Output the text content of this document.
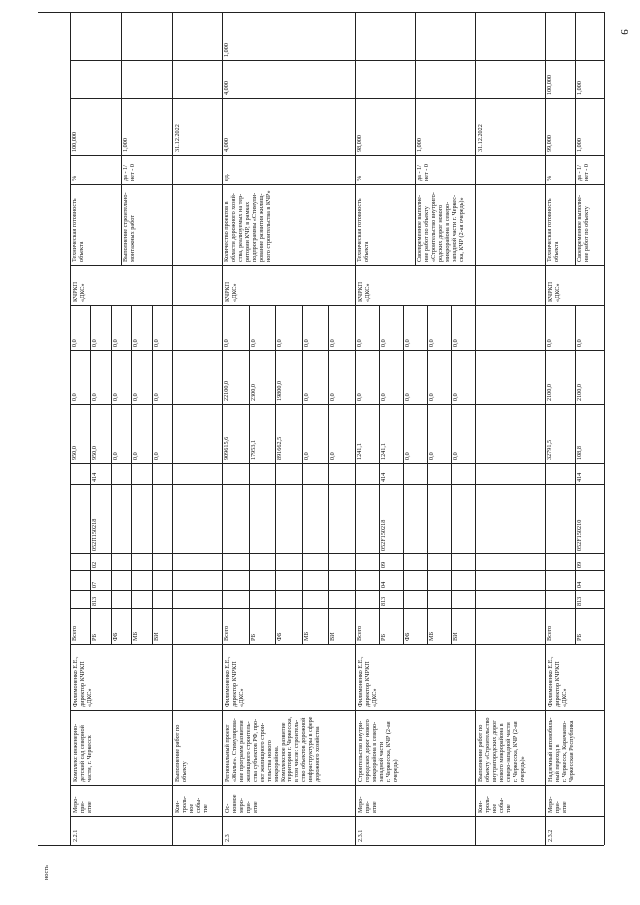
9
ность
2.2.1
Меро-
при-
ятие
Комплекс инженерно-
детский сад северной
части, г. Черкесск
Филимоненко Е.Е.,
директор КЧРКП
«ДКС»
Всего
950,0
0,0
0,0
РБ
813
07
02
052П150218
414
950,0
0,0
0,0
ФБ
0,0
0,0
0,0
МБ
0,0
0,0
0,0
ВИ
0,0
0,0
0,0
КЧРКП
«ДКС»
Техническая готовность
объекта
%
100,000
Выполнение строительно-
монтажных работ
да - 1/
нет - 0
1,000
Кон-
троль-
ное
собы-
тие
Выполнение работ по
объекту
31.12.2022
2.3
Ос-
новное
меро-
при-
ятие
Региональный проект
«Жилье». Стимулирова-
ние программ развития
жилищного строитель-
ства субъектов РФ, про-
ект жилищного строи-
тельства нового микрорайона.
Комплексное развитие
территории г. Черкесска,
в том числе: строитель-
ство объектов дорожной
инфраструктуры в сфере
дорожного хозяйства
Филимоненко Е.Е.,
директор КЧРКП
«ДКС»
Всего
909615,6
22100,0
0,0
РБ
17953,1
2300,0
0,0
ФБ
891662,5
19800,0
0,0
МБ
0,0
0,0
0,0
ВИ
0,0
0,0
0,0
КЧРКП
«ДКС»
Количество проектов в
области дорожного хозяй-
ства, реализуемых на тер-
ритории КЧР, в рамках
подпрограммы «Стимули-
рование развития жилищ-
ного строительства в КЧР»
ед.
4,000
4,000
1,000
2.3.1
Меро-
при-
ятие
Строительство внутри-
городских дорог нового
микрорайона в северо-
западной части
г. Черкесска, КЧР (2-ая
очередь)
Филимоненко Е.Е.,
директор КЧРКП
«ДКС»
Всего
1241,1
0,0
0,0
РБ
813
04
09
052F150218
414
1241,1
0,0
0,0
ФБ
0,0
0,0
0,0
МБ
0,0
0,0
0,0
ВИ
0,0
0,0
0,0
КЧРКП
«ДКС»
Техническая готовность
объекта
%
98,000
Своевременное выполне-
ние работ по объекту
«Строительство внутриго-
родских дорог нового
микрорайона в северо-
западной части г. Черкес-
ска, КЧР (2-ая очередь)»
да - 1/
нет - 0
1,000
Кон-
троль-
ное
собы-
тие
Выполнение работ по
объекту «Строительство
внутригородских дорог
нового микрорайона в
северо-западной части
г. Черкесска, КЧР (2-ая
очередь)»
31.12.2022
2.3.2
Меро-
при-
ятие
Надземный автомобиль-
ный переход в
г. Черкесск, Карачаево-
Черкесская Республика
Филимоненко Е.Е.,
директор КЧРКП
«ДКС»
Всего
32791,5
2100,0
0,0
РБ
813
04
09
052F150210
414
108,8
2100,0
0,0
КЧРКП
«ДКС»
Техническая готовность
объекта
%
99,000
100,000
Своевременное выполне-
ние работ по объекту
да - 1/
нет - 0
1,000
1,000
